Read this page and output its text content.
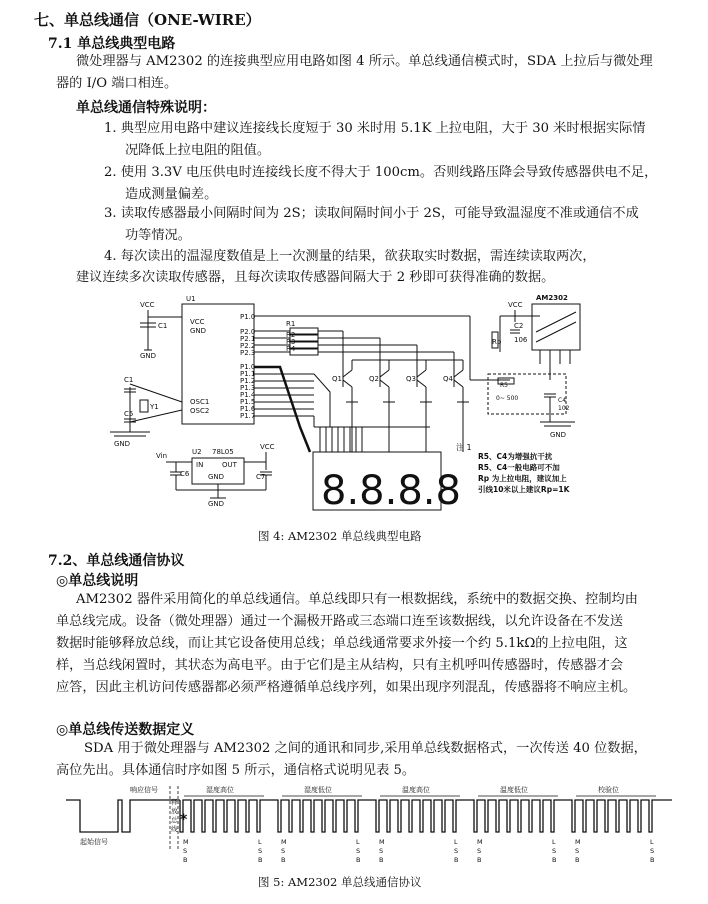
七、单总线通信（ONE-WIRE）
7.1 单总线典型电路
微处理器与 AM2302 的连接典型应用电路如图 4 所示。单总线通信模式时，SDA 上拉后与微处理
器的 I/O 端口相连。
单总线通信特殊说明：
1. 典型应用电路中建议连接线长度短于 30 米时用 5.1K 上拉电阻，大于 30 米时根据实际情
况降低上拉电阻的阻值。
2. 使用 3.3V 电压供电时连接线长度不得大于 100cm。否则线路压降会导致传感器供电不足，
造成测量偏差。
3. 读取传感器最小间隔时间为 2S；读取间隔时间小于 2S，可能导致温湿度不准或通信不成
功等情况。
4. 每次读出的温湿度数值是上一次测量的结果，欲获取实时数据，需连续读取两次，
建议连续多次读取传感器，且每次读取传感器间隔大于 2 秒即可获得准确的数据。
8.8.8.8
VCC
C1
GND
U1
VCC
GND
OSC1
OSC2
C1
C5
Y1
GND
P1.0
P2.0
P2.1
P2.2
P2.3
P1.0
P1.1
P1.2
P1.3
P1.4
P1.5
P1.6
P1.7
R1
R2
R3
R4
Q1	Q2	Q3	Q4
Vin	U2 78L05
IN	OUT
GND
VCC
C6	C7
GND
AM2302
VCC
C2
106
Rp
R5
0~ 500	C4
102
GND
注 1
R5、C4为增强抗干扰
R5、C4一般电路可不加
Rp 为上拉电阻，建议加上
引线10米以上建议Rp=1K
图 4: AM2302 单总线典型电路
7.2、单总线通信协议
◎单总线说明
AM2302 器件采用简化的单总线通信。单总线即只有一根数据线，系统中的数据交换、控制均由
单总线完成。设备（微处理器）通过一个漏极开路或三态端口连至该数据线，以允许设备在不发送
数据时能够释放总线，而让其它设备使用总线；单总线通常要求外接一个约 5.1kΩ的上拉电阻，这
样，当总线闲置时，其状态为高电平。由于它们是主从结构，只有主机呼叫传感器时，传感器才会
应答，因此主机访问传感器都必须严格遵循单总线序列，如果出现序列混乱，传感器将不响应主机。
◎单总线传送数据定义
SDA 用于微处理器与 AM2302 之间的通讯和同步,采用单总线数据格式，一次传送 40 位数据，
高位先出。具体通信时序如图 5 所示，通信格式说明见表 5。
起始信号
响应信号
释
放
总
线
湿度高位
M
S
B
L
S
B
湿度低位
M
S
B
L
S
B
温度高位
M
S
B
L
S
B
温度低位
M
S
B
L
S
B
校验位
M
S
B
L
S
B
*
图 5: AM2302 单总线通信协议
